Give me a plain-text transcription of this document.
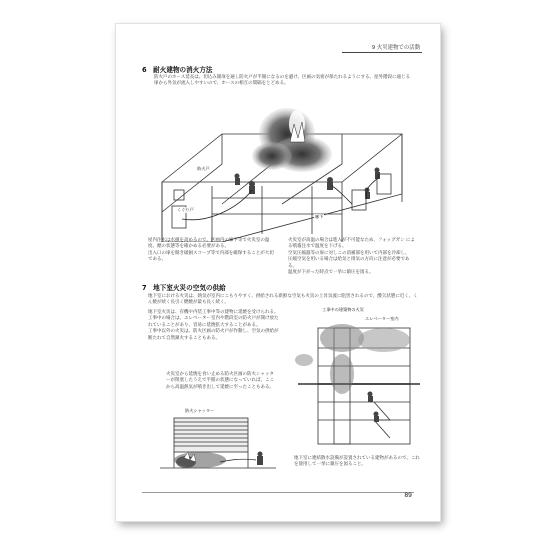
9 火災建物での活動
6　耐火建物の消火方法
防火戸のホース延長は、切込み開扉を通し防火戸が半開になるのを避け、区画の気密が保たれるようにする。屋外階段に通じる扉から外気が流入しやすいので、ホースの相互の間隔をとどめる。
防火戸
くぐり戸
廊下
屋内注水は水損を高めるので、区画内の廊下等で火災室の温度、煙の状態等を確かめる必要がある。
出入口の扉を開き破損スコープ等で内部を確保することが大切である。
火災室が高温の場合は進入が不可能なため、フォッグガン による噴霧注水で温度を下げる。
空気圧縮器等の扉に対しこの消補部を用いて内部を冷却し、
圧縮空気を用いる場合は給気と排気の方向に注意が必要である。
温度が下がった時点で一挙に鎮圧を図る。
7　地下室火災の空気の供給
地下室における火災は、熱気が室内にこもりやすく、供給される新鮮な空気も火災の上昇気流に阻害されるので、酸欠状態に近く、くん焼が続く長引く燃焼が最も長く続く。
地下室火災は、有機や内装工事中等の建物に延焼を受けられる。
工事中の場合は、エレベーター室内や階段室の防火戸が開け放たれていることがあり、容易に延焼拡大することがある。
工事中以外の火災は、防火区画の防火戸が作動し、空気の供給が断たれて自然鎮火することもある。
工事中の建築物の火災
エレベーター室内
火災室から延焼を食い止める防火区画の防火シャッターが閉塞したうえで半開の状態になっていれば、ここから高温熱気が噴き出して延焼に至ったこともある。
防火シャッター
地下室に連結散水設備が設置されている建物があるので、これを使用して一挙に鎮圧を図ること。
89
